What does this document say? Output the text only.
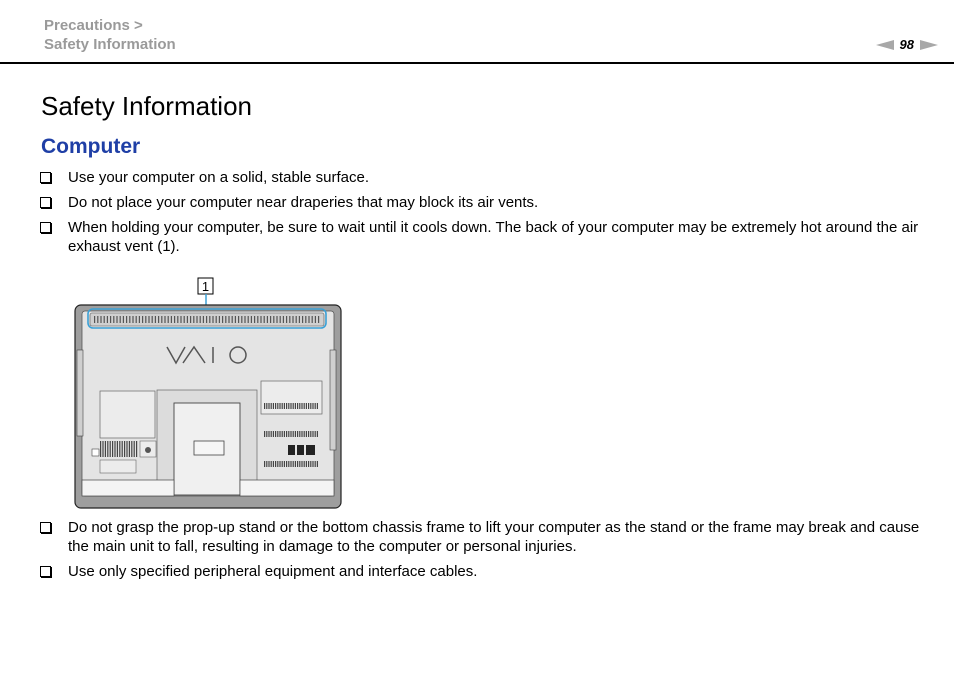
Precautions >
Safety Information	98
Safety Information
Computer
Use your computer on a solid, stable surface.
Do not place your computer near draperies that may block its air vents.
When holding your computer, be sure to wait until it cools down. The back of your computer may be extremely hot around the air exhaust vent (1).
1
Do not grasp the prop-up stand or the bottom chassis frame to lift your computer as the stand or the frame may break and cause the main unit to fall, resulting in damage to the computer or personal injuries.
Use only specified peripheral equipment and interface cables.
